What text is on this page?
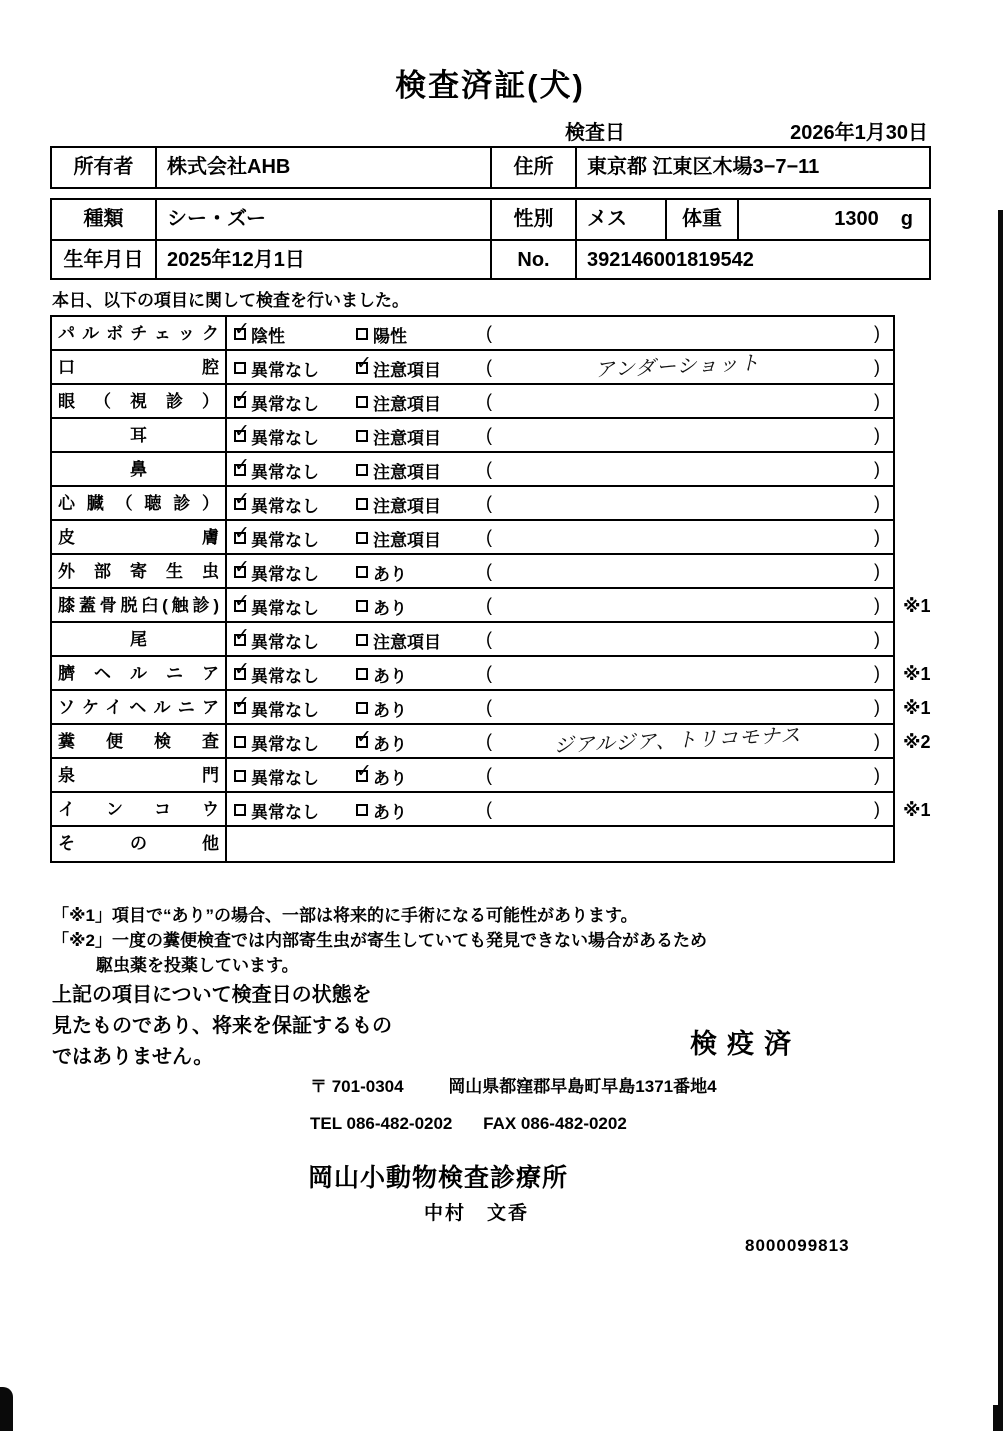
検査済証(犬)
検査日	2026年1月30日
所有者	株式会社AHB	住所	東京都 江東区木場3−7−11
種類	シー・ズー	性別	メス	体重	1300 g
生年月日	2025年12月1日	No.	392146001819542
本日、以下の項目に関して検査を行いました。
パルボチェック ✓ 陰性	陽性	(	)
口腔	異常なし ✓ 注意項目	(	アンダーショット	)
眼（視診） ✓ 異常なし	注意項目	(	)
耳	✓ 異常なし	注意項目	(	)
鼻	✓ 異常なし	注意項目	(	)
心臓（聴診） ✓ 異常なし	注意項目	(	)
皮膚 ✓ 異常なし	注意項目	(	)
外部寄生虫 ✓ 異常なし	あり	(	)
膝蓋骨脱臼(触診) ✓ 異常なし	あり	(	)	※1
尾	✓ 異常なし	注意項目	(	)
臍ヘルニア ✓ 異常なし	あり	(	)	※1
ソケイヘルニア ✓ 異常なし	あり	(	)	※1
糞便検査	異常なし ✓ あり	(	ジアルジア、トリコモナス	)	※2
泉門	異常なし ✓ あり	(	)
インコウ	異常なし	あり	(	)	※1
その他
「※1」項目で“あり”の場合、一部は将来的に手術になる可能性があります。
「※2」一度の糞便検査では内部寄生虫が寄生していても発見できない場合があるため
駆虫薬を投薬しています。
上記の項目について検査日の状態を
見たものであり、将来を保証するもの
ではありません。	検疫済
〒 701-0304	岡山県都窪郡早島町早島1371番地4
TEL 086-482-0202 FAX 086-482-0202
岡山小動物検査診療所
中村　文香
8000099813
